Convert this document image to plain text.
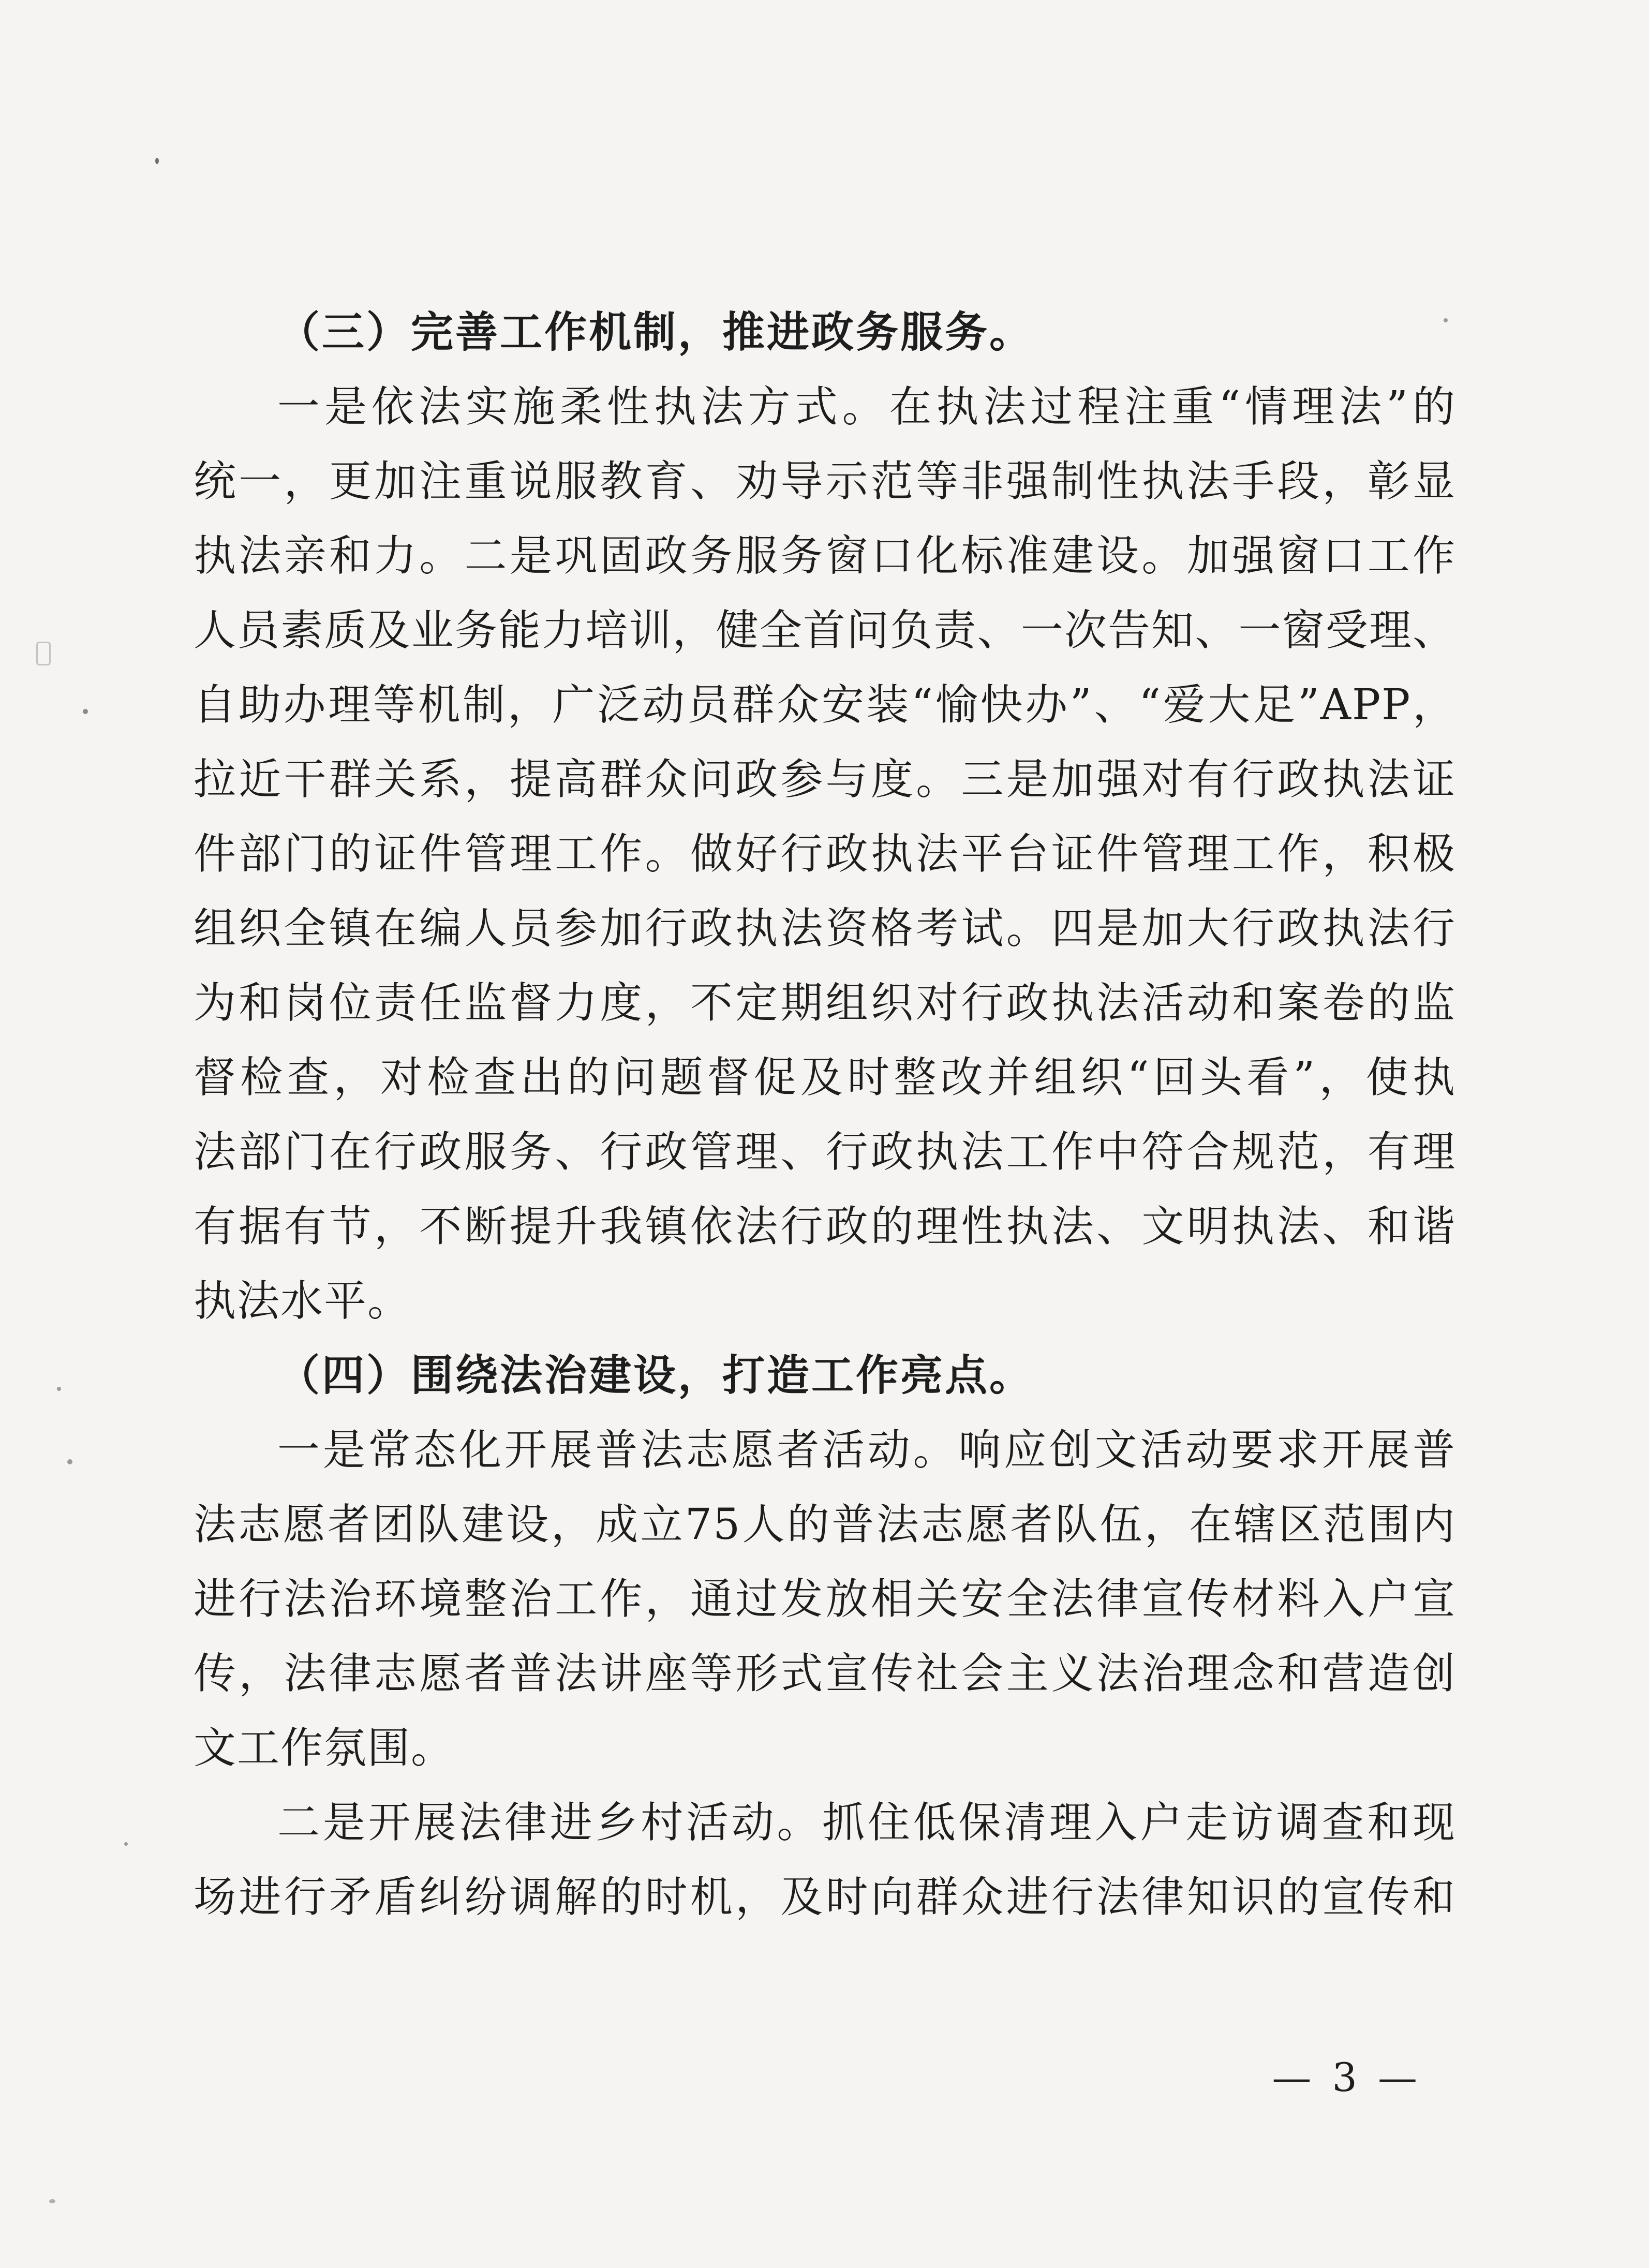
（三）完善工作机制，推进政务服务。
一是依法实施柔性执法方式。在执法过程注重“情理法”的
统一，更加注重说服教育、劝导示范等非强制性执法手段，彰显
执法亲和力。二是巩固政务服务窗口化标准建设。加强窗口工作
人员素质及业务能力培训，健全首问负责、一次告知、一窗受理、
自助办理等机制，广泛动员群众安装“愉快办”、“爱大足”APP，
拉近干群关系，提高群众问政参与度。三是加强对有行政执法证
件部门的证件管理工作。做好行政执法平台证件管理工作，积极
组织全镇在编人员参加行政执法资格考试。四是加大行政执法行
为和岗位责任监督力度，不定期组织对行政执法活动和案卷的监
督检查，对检查出的问题督促及时整改并组织“回头看”，使执
法部门在行政服务、行政管理、行政执法工作中符合规范，有理
有据有节，不断提升我镇依法行政的理性执法、文明执法、和谐
执法水平。
（四）围绕法治建设，打造工作亮点。
一是常态化开展普法志愿者活动。响应创文活动要求开展普
法志愿者团队建设，成立75人的普法志愿者队伍，在辖区范围内
进行法治环境整治工作，通过发放相关安全法律宣传材料入户宣
传，法律志愿者普法讲座等形式宣传社会主义法治理念和营造创
文工作氛围。
二是开展法律进乡村活动。抓住低保清理入户走访调查和现
场进行矛盾纠纷调解的时机，及时向群众进行法律知识的宣传和
— 3 —
